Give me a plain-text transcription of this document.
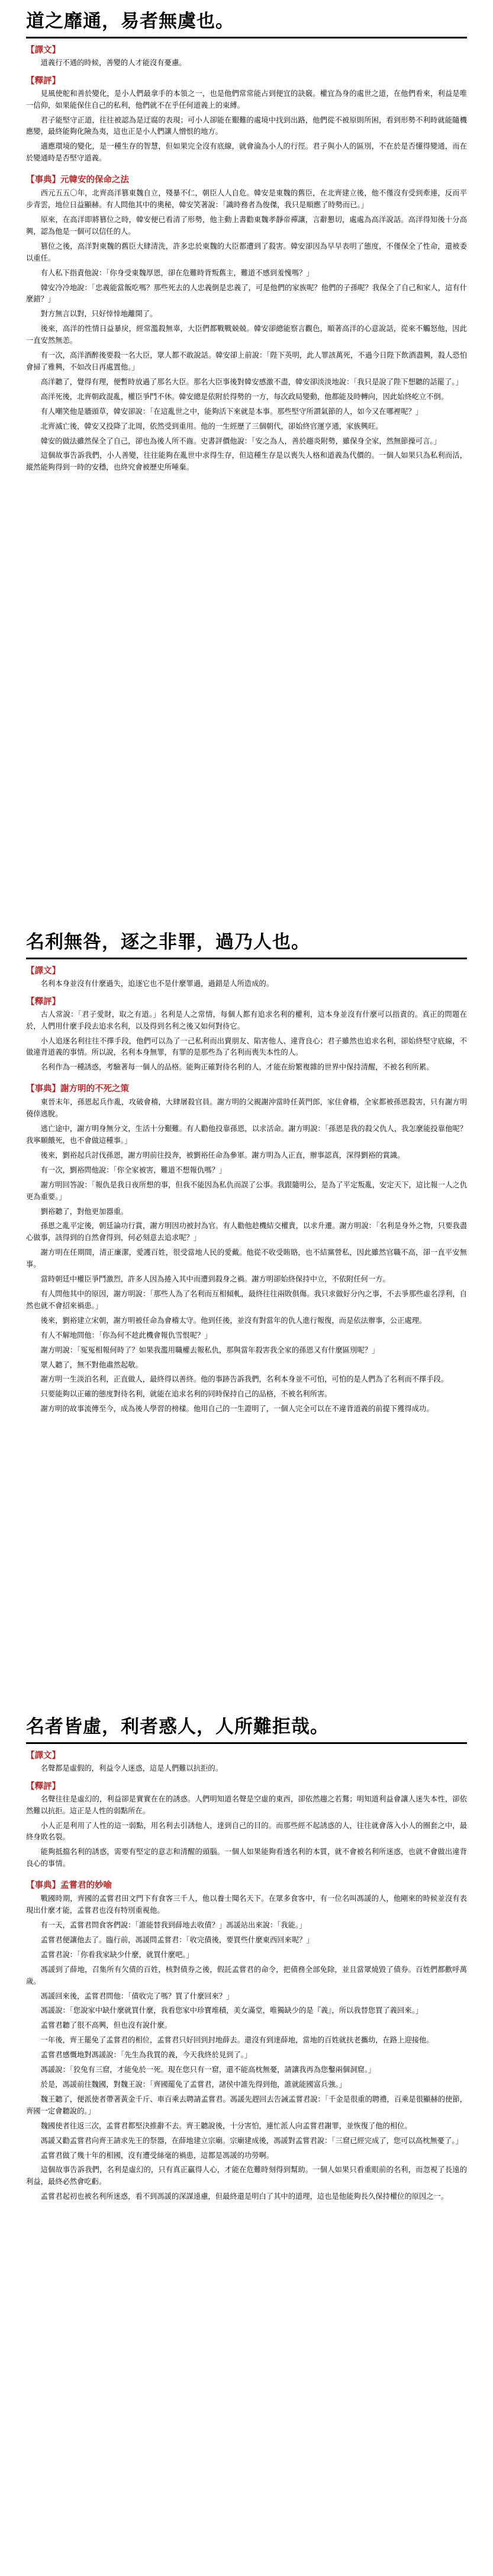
道之靡通，易者無虞也。
【譯文】

道義行不通的時候，善變的人才能沒有憂慮。

【釋評】

見風使舵和善於變化，是小人們最拿手的本領之一，也是他們常常能占到便宜的訣竅。權宜為身的處世之道，在他們看來，利益是唯一信仰，如果能保住自己的私利，他們就不在乎任何道義上的束縛。

君子能堅守正道，往往被認為是迂腐的表現；可小人卻能在艱難的處境中找到出路，他們從不被原則所困，看到形勢不利時就能隨機應變，最終能夠化險為夷，這也正是小人們讓人憎恨的地方。

適應環境的變化，是一種生存的智慧，但如果完全沒有底線，就會淪為小人的行徑。君子與小人的區別，不在於是否懂得變通，而在於變通時是否堅守道義。

【事典】元韓安的保命之法

西元五五〇年，北齊高洋篡東魏自立，殘暴不仁，朝臣人人自危。韓安是東魏的舊臣，在北齊建立後，他不僅沒有受到牽連，反而平步青雲，地位日益顯赫。有人問他其中的奧秘，韓安笑著說：「識時務者為俊傑，我只是順應了時勢而已。」

原來，在高洋即將篡位之時，韓安便已看清了形勢，他主動上書勸東魏孝靜帝禪讓，言辭懇切，處處為高洋說話。高洋得知後十分高興，認為他是一個可以信任的人。

篡位之後，高洋對東魏的舊臣大肆清洗，許多忠於東魏的大臣都遭到了殺害。韓安卻因為早早表明了態度，不僅保全了性命，還被委以重任。

有人私下指責他說：「你身受東魏厚恩，卻在危難時背叛舊主，難道不感到羞愧嗎？」

韓安冷冷地說：「忠義能當飯吃嗎？那些死去的人忠義倒是忠義了，可是他們的家族呢？他們的子孫呢？我保全了自己和家人，這有什麼錯？」

對方無言以對，只好悻悻地離開了。

後來，高洋的性情日益暴戾，經常濫殺無辜，大臣們都戰戰兢兢。韓安卻總能察言觀色，順著高洋的心意說話，從來不觸怒他，因此一直安然無恙。

有一次，高洋酒醉後要殺一名大臣，眾人都不敢說話。韓安卻上前說：「陛下英明，此人罪該萬死，不過今日陛下飲酒盡興，殺人恐怕會掃了雅興，不如改日再處置他。」

高洋聽了，覺得有理，便暫時放過了那名大臣。那名大臣事後對韓安感激不盡，韓安卻淡淡地說：「我只是說了陛下想聽的話罷了。」

高洋死後，北齊朝政混亂，權臣爭鬥不休。韓安總是依附於得勢的一方，每次政局變動，他都能及時轉向，因此始終屹立不倒。

有人嘲笑他是牆頭草，韓安卻說：「在這亂世之中，能夠活下來就是本事。那些堅守所謂氣節的人，如今又在哪裡呢？」

北齊滅亡後，韓安又投降了北周，依然受到重用。他的一生經歷了三個朝代，卻始終官運亨通，家族興旺。

韓安的做法雖然保全了自己，卻也為後人所不齒。史書評價他說：「安之為人，善於趨炎附勢，雖保身全家，然無節操可言。」

這個故事告訴我們，小人善變，往往能夠在亂世中求得生存，但這種生存是以喪失人格和道義為代價的。一個人如果只為私利而活，縱然能夠得到一時的安穩，也終究會被歷史所唾棄。

名利無咎，逐之非罪，過乃人也。
【譯文】

名利本身並沒有什麼過失，追逐它也不是什麼罪過，過錯是人所造成的。

【釋評】

古人常說：「君子愛財，取之有道。」名利是人之常情，每個人都有追求名利的權利，這本身並沒有什麼可以指責的。真正的問題在於，人們用什麼手段去追求名利，以及得到名利之後又如何對待它。

小人追逐名利往往不擇手段，他們可以為了一己私利而出賣朋友、陷害他人、違背良心；君子雖然也追求名利，卻始終堅守底線，不做違背道義的事情。所以說，名利本身無罪，有罪的是那些為了名利而喪失本性的人。

名利作為一種誘惑，考驗著每一個人的品格。能夠正確對待名利的人，才能在紛繁複雜的世界中保持清醒，不被名利所累。

【事典】謝方明的不死之策

東晉末年，孫恩起兵作亂，攻破會稽，大肆屠殺官員。謝方明的父親謝沖當時任黃門郎，家住會稽，全家都被孫恩殺害，只有謝方明僥倖逃脫。

逃亡途中，謝方明身無分文，生活十分艱難。有人勸他投靠孫恩，以求活命。謝方明說：「孫恩是我的殺父仇人，我怎麼能投靠他呢？我寧願餓死，也不會做這種事。」

後來，劉裕起兵討伐孫恩，謝方明前往投奔，被劉裕任命為參軍。謝方明為人正直，辦事認真，深得劉裕的賞識。

有一次，劉裕問他說：「你全家被害，難道不想報仇嗎？」

謝方明回答說：「報仇是我日夜所想的事，但我不能因為私仇而誤了公事。我跟隨明公，是為了平定叛亂，安定天下，這比報一人之仇更為重要。」

劉裕聽了，對他更加器重。

孫恩之亂平定後，朝廷論功行賞，謝方明因功被封為官。有人勸他趁機結交權貴，以求升遷。謝方明說：「名利是身外之物，只要我盡心做事，該得到的自然會得到，何必刻意去追求呢？」

謝方明在任期間，清正廉潔，愛護百姓，很受當地人民的愛戴。他從不收受賄賂，也不結黨營私，因此雖然官職不高，卻一直平安無事。

當時朝廷中權臣爭鬥激烈，許多人因為捲入其中而遭到殺身之禍。謝方明卻始終保持中立，不依附任何一方。

有人問他其中的原因，謝方明說：「那些人為了名利而互相傾軋，最終往往兩敗俱傷。我只求做好分內之事，不去爭那些虛名浮利，自然也就不會招來禍患。」

後來，劉裕建立宋朝，謝方明被任命為會稽太守。他到任後，並沒有對當年的仇人進行報復，而是依法辦事，公正處理。

有人不解地問他：「你為何不趁此機會報仇雪恨呢？」

謝方明說：「冤冤相報何時了？如果我濫用職權去報私仇，那與當年殺害我全家的孫恩又有什麼區別呢？」

眾人聽了，無不對他肅然起敬。

謝方明一生淡泊名利，正直做人，最終得以善終。他的事跡告訴我們，名利本身並不可怕，可怕的是人們為了名利而不擇手段。

只要能夠以正確的態度對待名利，就能在追求名利的同時保持自己的品格，不被名利所害。

謝方明的故事流傳至今，成為後人學習的榜樣。他用自己的一生證明了，一個人完全可以在不違背道義的前提下獲得成功。

名者皆虛，利者惑人，人所難拒哉。
【譯文】

名聲都是虛假的，利益令人迷惑，這是人們難以抗拒的。

【釋評】

名聲往往是虛幻的，利益卻是實實在在的誘惑。人們明知道名聲是空虛的東西，卻依然趨之若鶩；明知道利益會讓人迷失本性，卻依然難以抗拒。這正是人性的弱點所在。

小人正是利用了人性的這一弱點，用名利去引誘他人，達到自己的目的。而那些經不起誘惑的人，往往就會落入小人的圈套之中，最終身敗名裂。

能夠抵擋名利的誘惑，需要有堅定的意志和清醒的頭腦。一個人如果能夠看透名利的本質，就不會被名利所迷惑，也就不會做出違背良心的事情。

【事典】孟嘗君的妙喻

戰國時期，齊國的孟嘗君田文門下有食客三千人，他以養士聞名天下。在眾多食客中，有一位名叫馮諼的人，他剛來的時候並沒有表現出什麼才能，孟嘗君也沒有特別重視他。

有一天，孟嘗君問食客們說：「誰能替我到薛地去收債？」馮諼站出來說：「我能。」

孟嘗君便讓他去了。臨行前，馮諼問孟嘗君：「收完債後，要買些什麼東西回來呢？」

孟嘗君說：「你看我家缺少什麼，就買什麼吧。」

馮諼到了薛地，召集所有欠債的百姓，核對債券之後，假託孟嘗君的命令，把債務全部免除，並且當眾燒毀了債券。百姓們都歡呼萬歲。

馮諼回來後，孟嘗君問他：「債收完了嗎？買了什麼回來？」

馮諼說：「您說家中缺什麼就買什麼，我看您家中珍寶堆積，美女滿堂，唯獨缺少的是『義』，所以我替您買了義回來。」

孟嘗君聽了很不高興，但也沒有說什麼。

一年後，齊王罷免了孟嘗君的相位，孟嘗君只好回到封地薛去。還沒有到達薛地，當地的百姓就扶老攜幼，在路上迎接他。

孟嘗君感慨地對馮諼說：「先生為我買的義，今天我終於見到了。」

馮諼說：「狡兔有三窟，才能免於一死。現在您只有一窟，還不能高枕無憂，請讓我再為您鑿兩個洞窟。」

於是，馮諼前往魏國，對魏王說：「齊國罷免了孟嘗君，諸侯中誰先得到他，誰就能國富兵強。」

魏王聽了，便派使者帶著黃金千斤、車百乘去聘請孟嘗君。馮諼先趕回去告誡孟嘗君說：「千金是很重的聘禮，百乘是很顯赫的使節，齊國一定會聽說的。」

魏國使者往返三次，孟嘗君都堅決推辭不去。齊王聽說後，十分害怕，連忙派人向孟嘗君謝罪，並恢復了他的相位。

馮諼又勸孟嘗君向齊王請求先王的祭器，在薛地建立宗廟。宗廟建成後，馮諼對孟嘗君說：「三窟已經完成了，您可以高枕無憂了。」

孟嘗君做了幾十年的相國，沒有遭受絲毫的禍患，這都是馮諼的功勞啊。

這個故事告訴我們，名利是虛幻的，只有真正贏得人心，才能在危難時刻得到幫助。一個人如果只看重眼前的名利，而忽視了長遠的利益，最終必然會吃虧。

孟嘗君起初也被名利所迷惑，看不到馮諼的深謀遠慮，但最終還是明白了其中的道理，這也是他能夠長久保持權位的原因之一。
